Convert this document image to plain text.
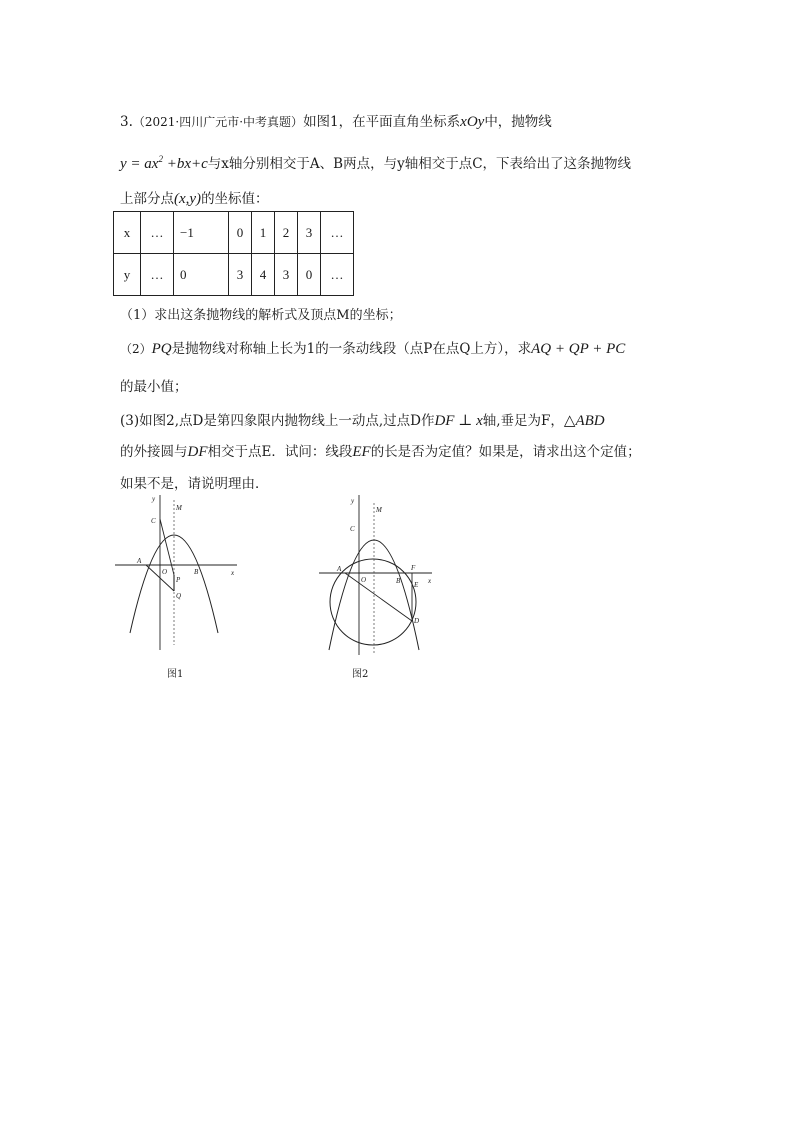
3.（2021·四川广元市·中考真题）如图1，在平面直角坐标系xOy中，抛物线
$y = ax^2 +bx+c$与x轴分别相交于A、B两点，与y轴相交于点C，下表给出了这条抛物线
上部分点(x,y)的坐标值：
x	…	−1	0	1	2	3	…
y	…	0	3	4	3	0	…
（1）求出这条抛物线的解析式及顶点M的坐标；
（2）PQ是抛物线对称轴上长为1的一条动线段（点P在点Q上方），求AQ + QP + PC
的最小值；
(3)如图2,点D是第四象限内抛物线上一动点,过点D作DF ⊥ x轴,垂足为F，△ABD
的外接圆与DF相交于点E．试问：线段EF的长是否为定值？如果是，请求出这个定值；
如果不是，请说明理由．
y
x
M
C
A
O	B
P
Q
图1
y
x
M
C
A
O	B
F
E
D
图2
